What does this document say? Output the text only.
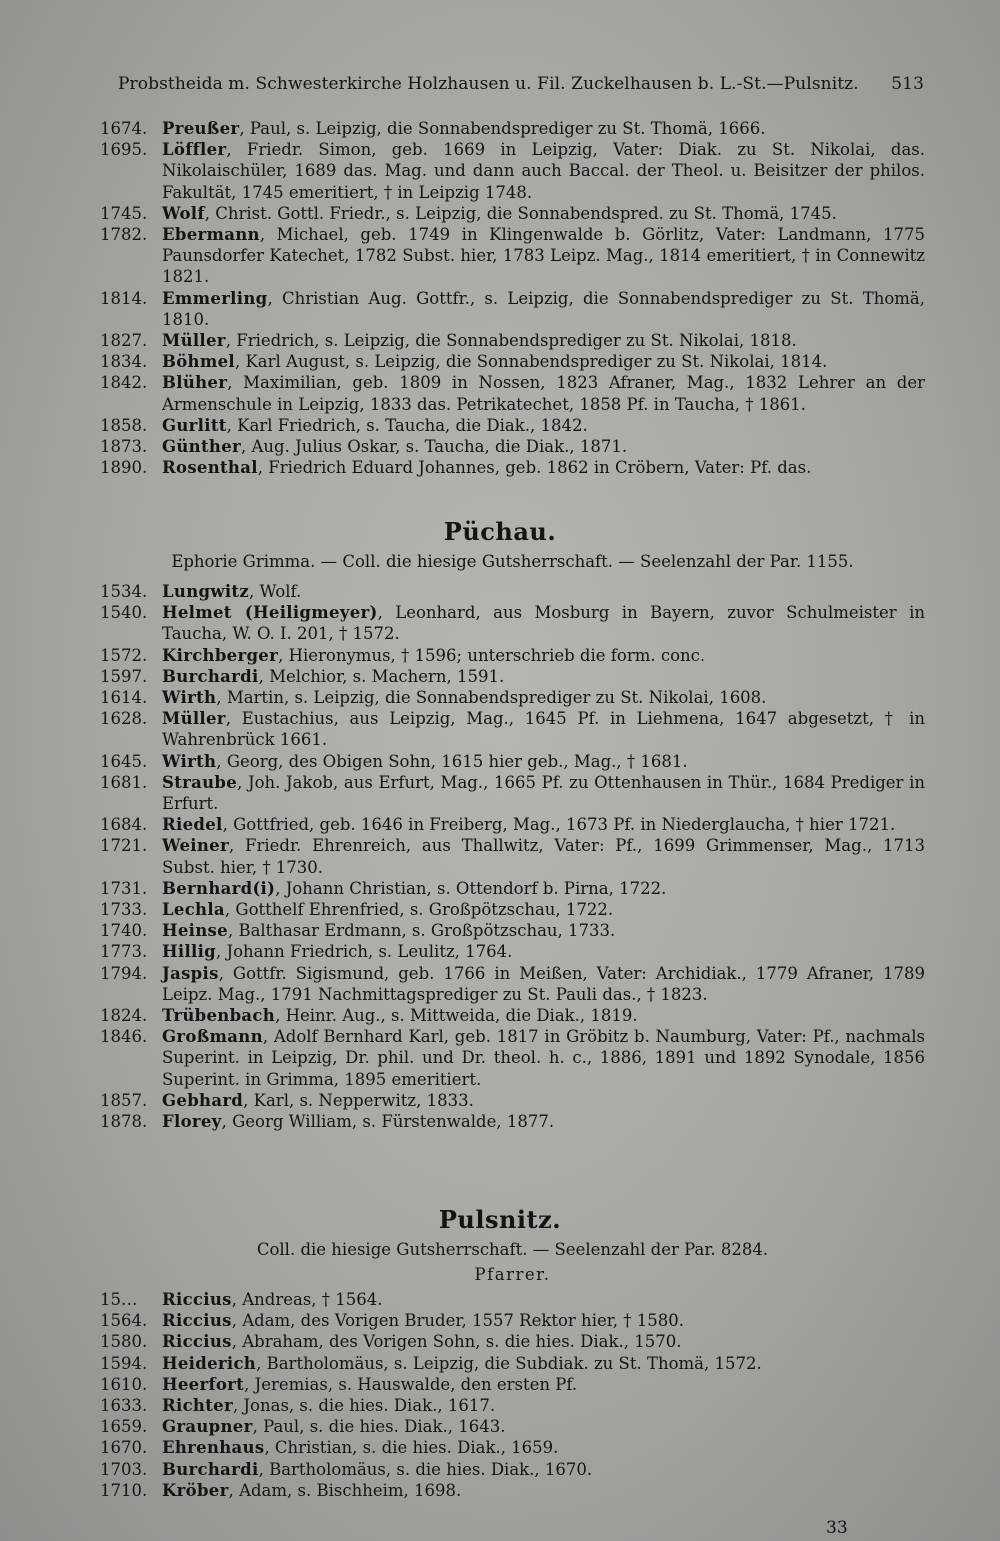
Probstheida m. Schwesterkirche Holzhausen u. Fil. Zuckelhausen b. L.-St.—Pulsnitz. 513
1674. Preußer, Paul, s. Leipzig, die Sonnabendsprediger zu St. Thomä, 1666.
1695. Löffler, Friedr. Simon, geb. 1669 in Leipzig, Vater: Diak. zu St. Nikolai, das. Nikolaischüler, 1689 das. Mag. und dann auch Baccal. der Theol. u. Beisitzer der philos. Fakultät, 1745 emeritiert, † in Leipzig 1748.
1745. Wolf, Christ. Gottl. Friedr., s. Leipzig, die Sonnabendspred. zu St. Thomä, 1745.
1782. Ebermann, Michael, geb. 1749 in Klingenwalde b. Görlitz, Vater: Landmann, 1775 Paunsdorfer Katechet, 1782 Subst. hier, 1783 Leipz. Mag., 1814 emeritiert, † in Connewitz 1821.
1814. Emmerling, Christian Aug. Gottfr., s. Leipzig, die Sonnabendsprediger zu St. Thomä, 1810.
1827. Müller, Friedrich, s. Leipzig, die Sonnabendsprediger zu St. Nikolai, 1818.
1834. Böhmel, Karl August, s. Leipzig, die Sonnabendsprediger zu St. Nikolai, 1814.
1842. Blüher, Maximilian, geb. 1809 in Nossen, 1823 Afraner, Mag., 1832 Lehrer an der Armenschule in Leipzig, 1833 das. Petrikatechet, 1858 Pf. in Taucha, † 1861.
1858. Gurlitt, Karl Friedrich, s. Taucha, die Diak., 1842.
1873. Günther, Aug. Julius Oskar, s. Taucha, die Diak., 1871.
1890. Rosenthal, Friedrich Eduard Johannes, geb. 1862 in Cröbern, Vater: Pf. das.
Püchau.
Ephorie Grimma. — Coll. die hiesige Gutsherrschaft. — Seelenzahl der Par. 1155.
1534. Lungwitz, Wolf.
1540. Helmet (Heiligmeyer), Leonhard, aus Mosburg in Bayern, zuvor Schulmeister in Taucha, W. O. I. 201, † 1572.
1572. Kirchberger, Hieronymus, † 1596; unterschrieb die form. conc.
1597. Burchardi, Melchior, s. Machern, 1591.
1614. Wirth, Martin, s. Leipzig, die Sonnabendsprediger zu St. Nikolai, 1608.
1628. Müller, Eustachius, aus Leipzig, Mag., 1645 Pf. in Liehmena, 1647 abgesetzt, † in Wahrenbrück 1661.
1645. Wirth, Georg, des Obigen Sohn, 1615 hier geb., Mag., † 1681.
1681. Straube, Joh. Jakob, aus Erfurt, Mag., 1665 Pf. zu Ottenhausen in Thür., 1684 Prediger in Erfurt.
1684. Riedel, Gottfried, geb. 1646 in Freiberg, Mag., 1673 Pf. in Niederglaucha, † hier 1721.
1721. Weiner, Friedr. Ehrenreich, aus Thallwitz, Vater: Pf., 1699 Grimmenser, Mag., 1713 Subst. hier, † 1730.
1731. Bernhard(i), Johann Christian, s. Ottendorf b. Pirna, 1722.
1733. Lechla, Gotthelf Ehrenfried, s. Großpötzschau, 1722.
1740. Heinse, Balthasar Erdmann, s. Großpötzschau, 1733.
1773. Hillig, Johann Friedrich, s. Leulitz, 1764.
1794. Jaspis, Gottfr. Sigismund, geb. 1766 in Meißen, Vater: Archidiak., 1779 Afraner, 1789 Leipz. Mag., 1791 Nachmittagsprediger zu St. Pauli das., † 1823.
1824. Trübenbach, Heinr. Aug., s. Mittweida, die Diak., 1819.
1846. Großmann, Adolf Bernhard Karl, geb. 1817 in Gröbitz b. Naumburg, Vater: Pf., nachmals Superint. in Leipzig, Dr. phil. und Dr. theol. h. c., 1886, 1891 und 1892 Synodale, 1856 Superint. in Grimma, 1895 emeritiert.
1857. Gebhard, Karl, s. Nepperwitz, 1833.
1878. Florey, Georg William, s. Fürstenwalde, 1877.
Pulsnitz.
Coll. die hiesige Gutsherrschaft. — Seelenzahl der Par. 8284.
Pfarrer.
15…	Riccius, Andreas, † 1564.
1564. Riccius, Adam, des Vorigen Bruder, 1557 Rektor hier, † 1580.
1580. Riccius, Abraham, des Vorigen Sohn, s. die hies. Diak., 1570.
1594. Heiderich, Bartholomäus, s. Leipzig, die Subdiak. zu St. Thomä, 1572.
1610. Heerfort, Jeremias, s. Hauswalde, den ersten Pf.
1633. Richter, Jonas, s. die hies. Diak., 1617.
1659. Graupner, Paul, s. die hies. Diak., 1643.
1670. Ehrenhaus, Christian, s. die hies. Diak., 1659.
1703. Burchardi, Bartholomäus, s. die hies. Diak., 1670.
1710. Kröber, Adam, s. Bischheim, 1698.
33
